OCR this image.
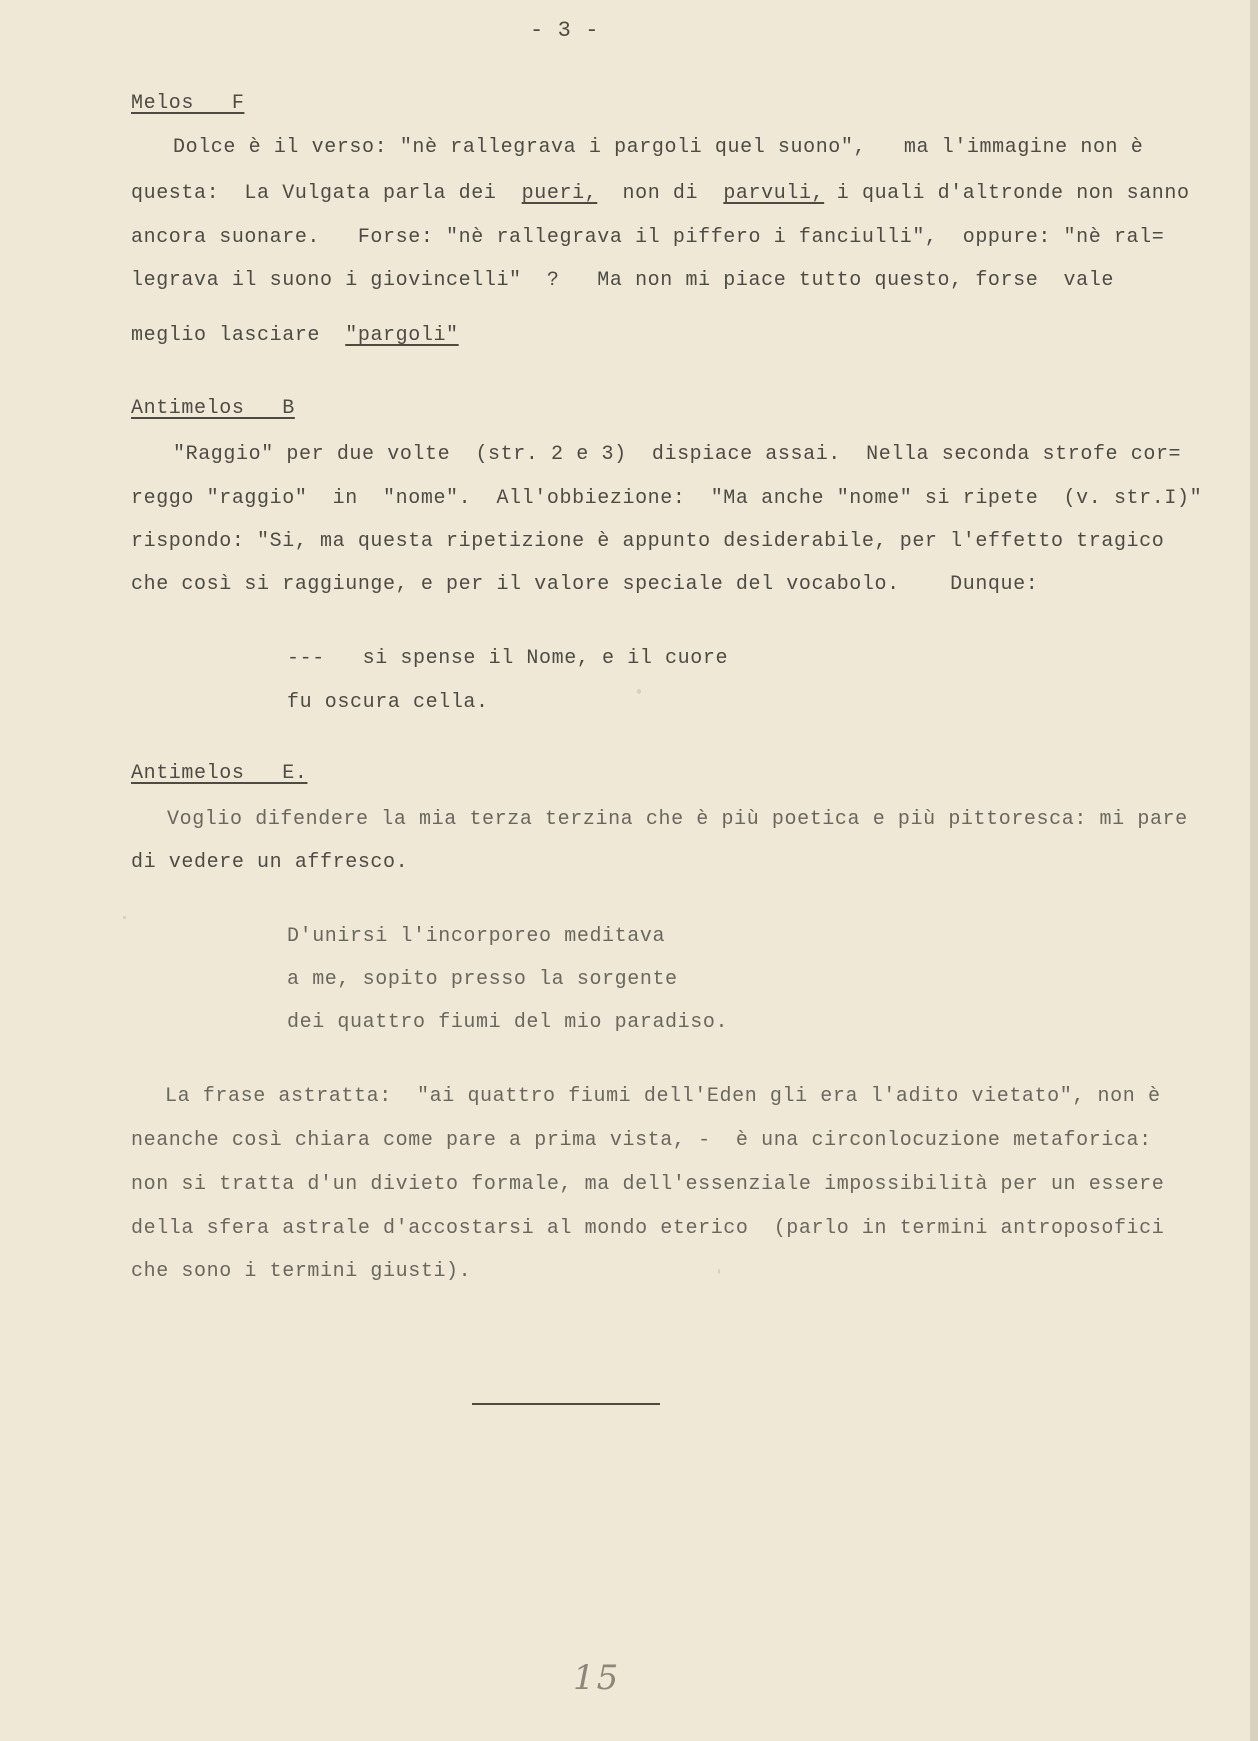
- 3 -
Melos   F
Dolce è il verso: "nè rallegrava i pargoli quel suono",   ma l'immagine non è
questa:  La Vulgata parla dei  pueri,  non di  parvuli, i quali d'altronde non sanno
ancora suonare.   Forse: "nè rallegrava il piffero i fanciulli",  oppure: "nè ral=
legrava il suono i giovincelli"  ?   Ma non mi piace tutto questo, forse  vale
meglio lasciare  "pargoli"
Antimelos   B
"Raggio" per due volte  (str. 2 e 3)  dispiace assai.  Nella seconda strofe cor=
reggo "raggio"  in  "nome".  All'obbiezione:  "Ma anche "nome" si ripete  (v. str.I)"
rispondo: "Si, ma questa ripetizione è appunto desiderabile, per l'effetto tragico
che così si raggiunge, e per il valore speciale del vocabolo.    Dunque:
---   si spense il Nome, e il cuore
fu oscura cella.
Antimelos   E.
Voglio difendere la mia terza terzina che è più poetica e più pittoresca: mi pare
di vedere un affresco.
D'unirsi l'incorporeo meditava
a me, sopito presso la sorgente
dei quattro fiumi del mio paradiso.
La frase astratta:  "ai quattro fiumi dell'Eden gli era l'adito vietato", non è
neanche così chiara come pare a prima vista, -  è una circonlocuzione metaforica:
non si tratta d'un divieto formale, ma dell'essenziale impossibilità per un essere
della sfera astrale d'accostarsi al mondo eterico  (parlo in termini antroposofici
che sono i termini giusti).
15
